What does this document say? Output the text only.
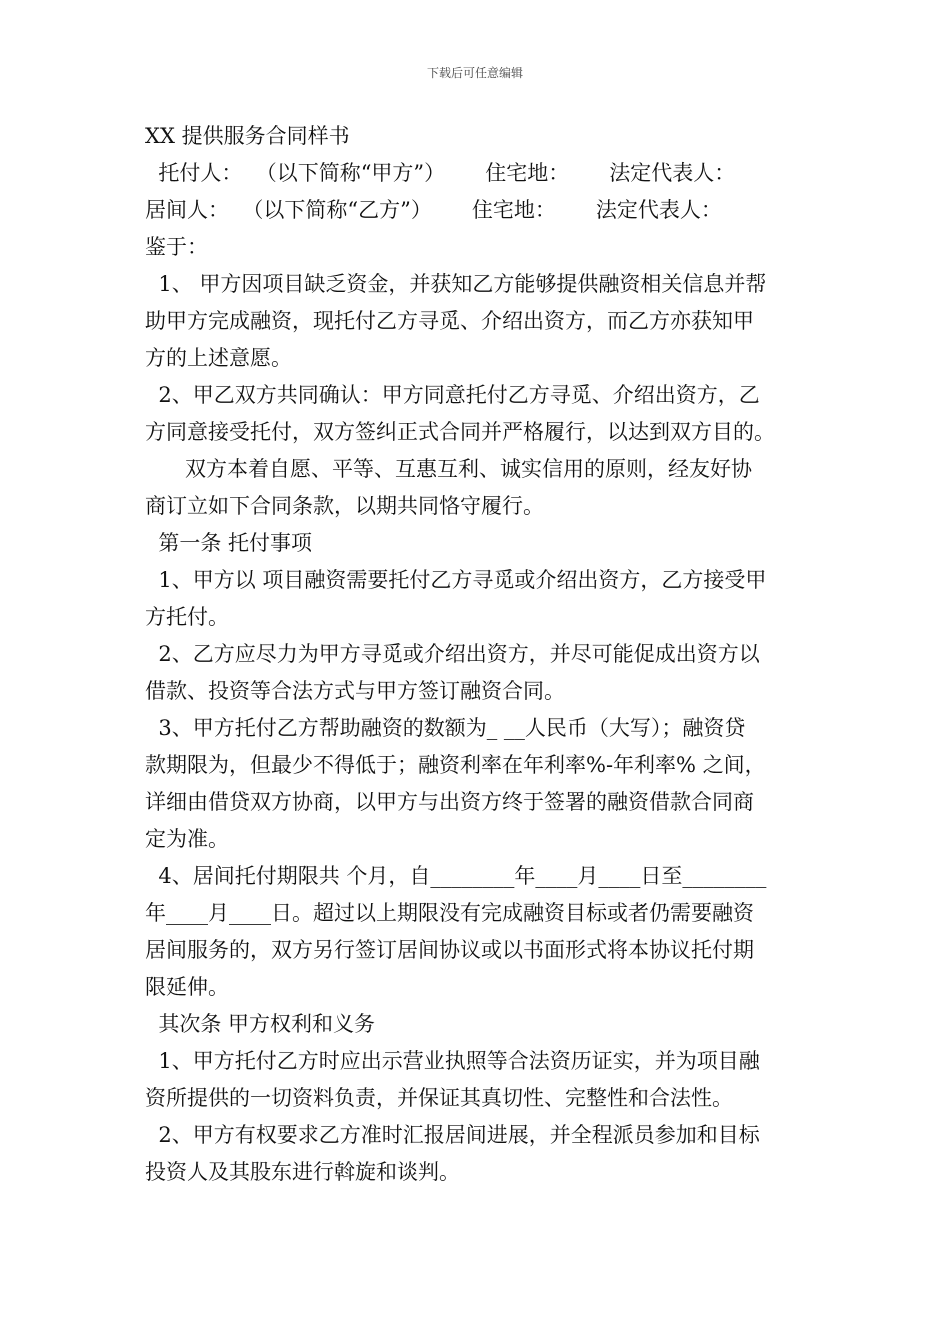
下载后可任意编辑

XX 提供服务合同样书

托付人：  （以下简称“甲方”）      住宅地：      法定代表人：

居间人：  （以下简称“乙方”）      住宅地：      法定代表人：

鉴于：

1、 甲方因项目缺乏资金，并获知乙方能够提供融资相关信息并帮

助甲方完成融资，现托付乙方寻觅、介绍出资方，而乙方亦获知甲

方的上述意愿。

2、甲乙双方共同确认：甲方同意托付乙方寻觅、介绍出资方，乙

方同意接受托付，双方签纠正式合同并严格履行，以达到双方目的。

双方本着自愿、平等、互惠互利、诚实信用的原则，经友好协

商订立如下合同条款，以期共同恪守履行。

第一条 托付事项

1、甲方以 项目融资需要托付乙方寻觅或介绍出资方，乙方接受甲

方托付。

2、乙方应尽力为甲方寻觅或介绍出资方，并尽可能促成出资方以

借款、投资等合法方式与甲方签订融资合同。

3、甲方托付乙方帮助融资的数额为_ __人民币（大写）；融资贷

款期限为，但最少不得低于；融资利率在年利率%-年利率% 之间，

详细由借贷双方协商，以甲方与出资方终于签署的融资借款合同商

定为准。

4、居间托付期限共 个月，自________年____月____日至________

年____月____日。超过以上期限没有完成融资目标或者仍需要融资

居间服务的，双方另行签订居间协议或以书面形式将本协议托付期

限延伸。

其次条 甲方权利和义务

1、甲方托付乙方时应出示营业执照等合法资历证实，并为项目融

资所提供的一切资料负责，并保证其真切性、完整性和合法性。

2、甲方有权要求乙方准时汇报居间进展，并全程派员参加和目标

投资人及其股东进行斡旋和谈判。
